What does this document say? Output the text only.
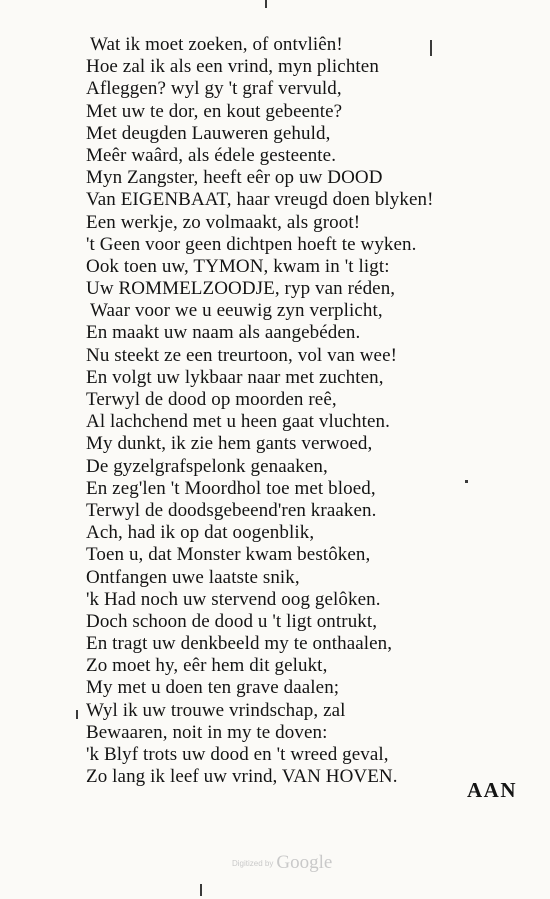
Wat ik moet zoeken, of ontvliên!
Hoe zal ik als een vrind, myn plichten
Afleggen? wyl gy 't graf vervuld,
Met uw te dor, en kout gebeente?
Met deugden Lauweren gehuld,
Meêr waârd, als édele gesteente.
Myn Zangster, heeft eêr op uw DOOD
Van EIGENBAAT, haar vreugd doen blyken!
Een werkje, zo volmaakt, als groot!
't Geen voor geen dichtpen hoeft te wyken.
Ook toen uw, TYMON, kwam in 't ligt:
Uw ROMMELZOODJE, ryp van réden,
Waar voor we u eeuwig zyn verplicht,
En maakt uw naam als aangebéden.
Nu steekt ze een treurtoon, vol van wee!
En volgt uw lykbaar naar met zuchten,
Terwyl de dood op moorden reê,
Al lachchend met u heen gaat vluchten.
My dunkt, ik zie hem gants verwoed,
De gyzelgrafspelonk genaaken,
En zeg'len 't Moordhol toe met bloed,
Terwyl de doodsgebeend'ren kraaken.
Ach, had ik op dat oogenblik,
Toen u, dat Monster kwam bestôken,
Ontfangen uwe laatste snik,
'k Had noch uw stervend oog gelôken.
Doch schoon de dood u 't ligt ontrukt,
En tragt uw denkbeeld my te onthaalen,
Zo moet hy, eêr hem dit gelukt,
My met u doen ten grave daalen;
Wyl ik uw trouwe vrindschap, zal
Bewaaren, noit in my te doven:
'k Blyf trots uw dood en 't wreed geval,
Zo lang ik leef uw vrind, VAN HOVEN.
AAN
Digitized by Google
